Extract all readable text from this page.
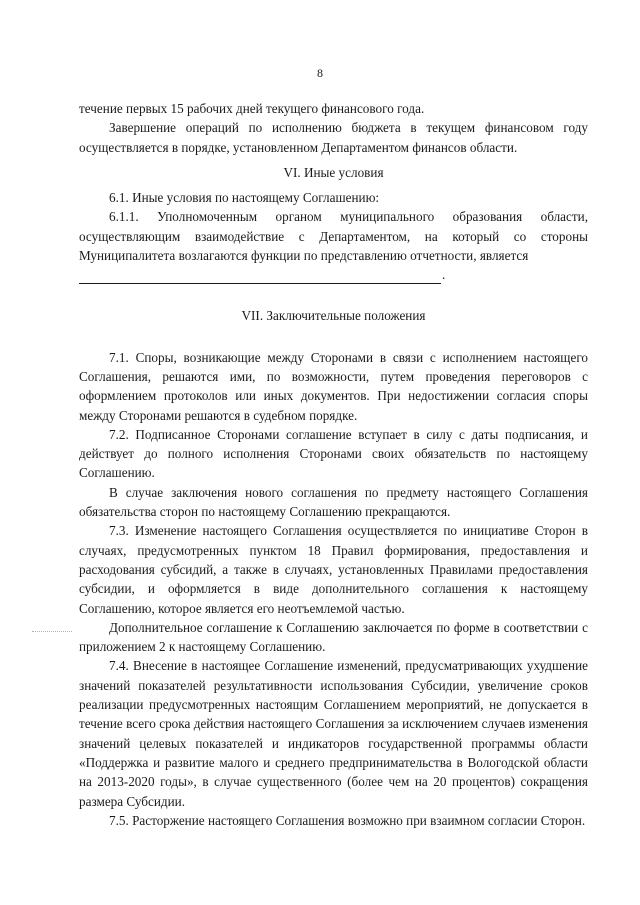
8

течение первых 15 рабочих дней текущего финансового года.

Завершение операций по исполнению бюджета в текущем финансовом году осуществляется в порядке, установленном Департаментом финансов области.

VI. Иные условия

6.1. Иные условия по настоящему Соглашению:

6.1.1. Уполномоченным органом муниципального образования области, осуществляющим взаимодействие с Департаментом, на который со стороны Муниципалитета возлагаются функции по представлению отчетности, является

.

VII. Заключительные положения

7.1. Споры, возникающие между Сторонами в связи с исполнением настоящего Соглашения, решаются ими, по возможности, путем проведения переговоров с оформлением протоколов или иных документов. При недостижении согласия споры между Сторонами решаются в судебном порядке.

7.2. Подписанное Сторонами соглашение вступает в силу с даты подписания, и действует до полного исполнения Сторонами своих обязательств по настоящему Соглашению.

В случае заключения нового соглашения по предмету настоящего Соглашения обязательства сторон по настоящему Соглашению прекращаются.

7.3. Изменение настоящего Соглашения осуществляется по инициативе Сторон в случаях, предусмотренных пунктом 18 Правил формирования, предоставления и расходования субсидий, а также в случаях, установленных Правилами предоставления субсидии, и оформляется в виде дополнительного соглашения к настоящему Соглашению, которое является его неотъемлемой частью.

Дополнительное соглашение к Соглашению заключается по форме в соответствии с приложением 2 к настоящему Соглашению.

7.4. Внесение в настоящее Соглашение изменений, предусматривающих ухудшение значений показателей результативности использования Субсидии, увеличение сроков реализации предусмотренных настоящим Соглашением мероприятий, не допускается в течение всего срока действия настоящего Соглашения за исключением случаев изменения значений целевых показателей и индикаторов государственной программы области «Поддержка и развитие малого и среднего предпринимательства в Вологодской области на 2013-2020 годы», в случае существенного (более чем на 20 процентов) сокращения размера Субсидии.

7.5. Расторжение настоящего Соглашения возможно при взаимном согласии Сторон.
